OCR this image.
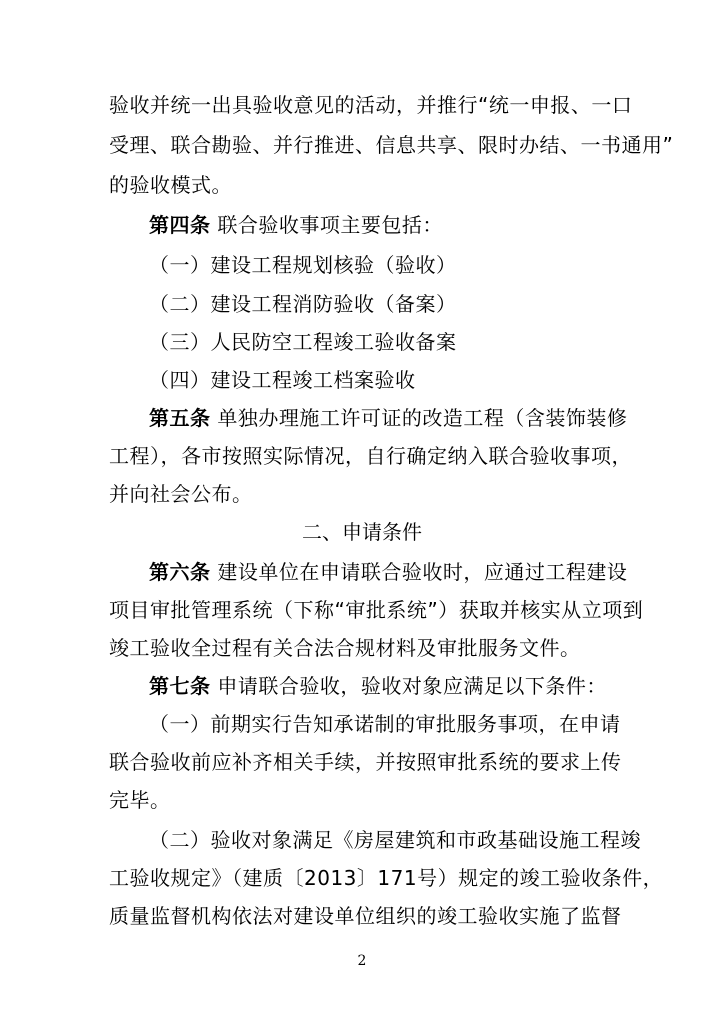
验收并统一出具验收意见的活动，并推行“统一申报、一口
受理、联合勘验、并行推进、信息共享、限时办结、一书通用”
的验收模式。
第四条 联合验收事项主要包括：
（一）建设工程规划核验（验收）
（二）建设工程消防验收（备案）
（三）人民防空工程竣工验收备案
（四）建设工程竣工档案验收
第五条 单独办理施工许可证的改造工程（含装饰装修
工程），各市按照实际情况，自行确定纳入联合验收事项，
并向社会公布。
二、申请条件
第六条 建设单位在申请联合验收时，应通过工程建设
项目审批管理系统（下称“审批系统”）获取并核实从立项到
竣工验收全过程有关合法合规材料及审批服务文件。
第七条 申请联合验收，验收对象应满足以下条件：
（一）前期实行告知承诺制的审批服务事项，在申请
联合验收前应补齐相关手续，并按照审批系统的要求上传
完毕。
（二）验收对象满足《房屋建筑和市政基础设施工程竣
工验收规定》（建质〔2013〕171号）规定的竣工验收条件，
质量监督机构依法对建设单位组织的竣工验收实施了监督
2
